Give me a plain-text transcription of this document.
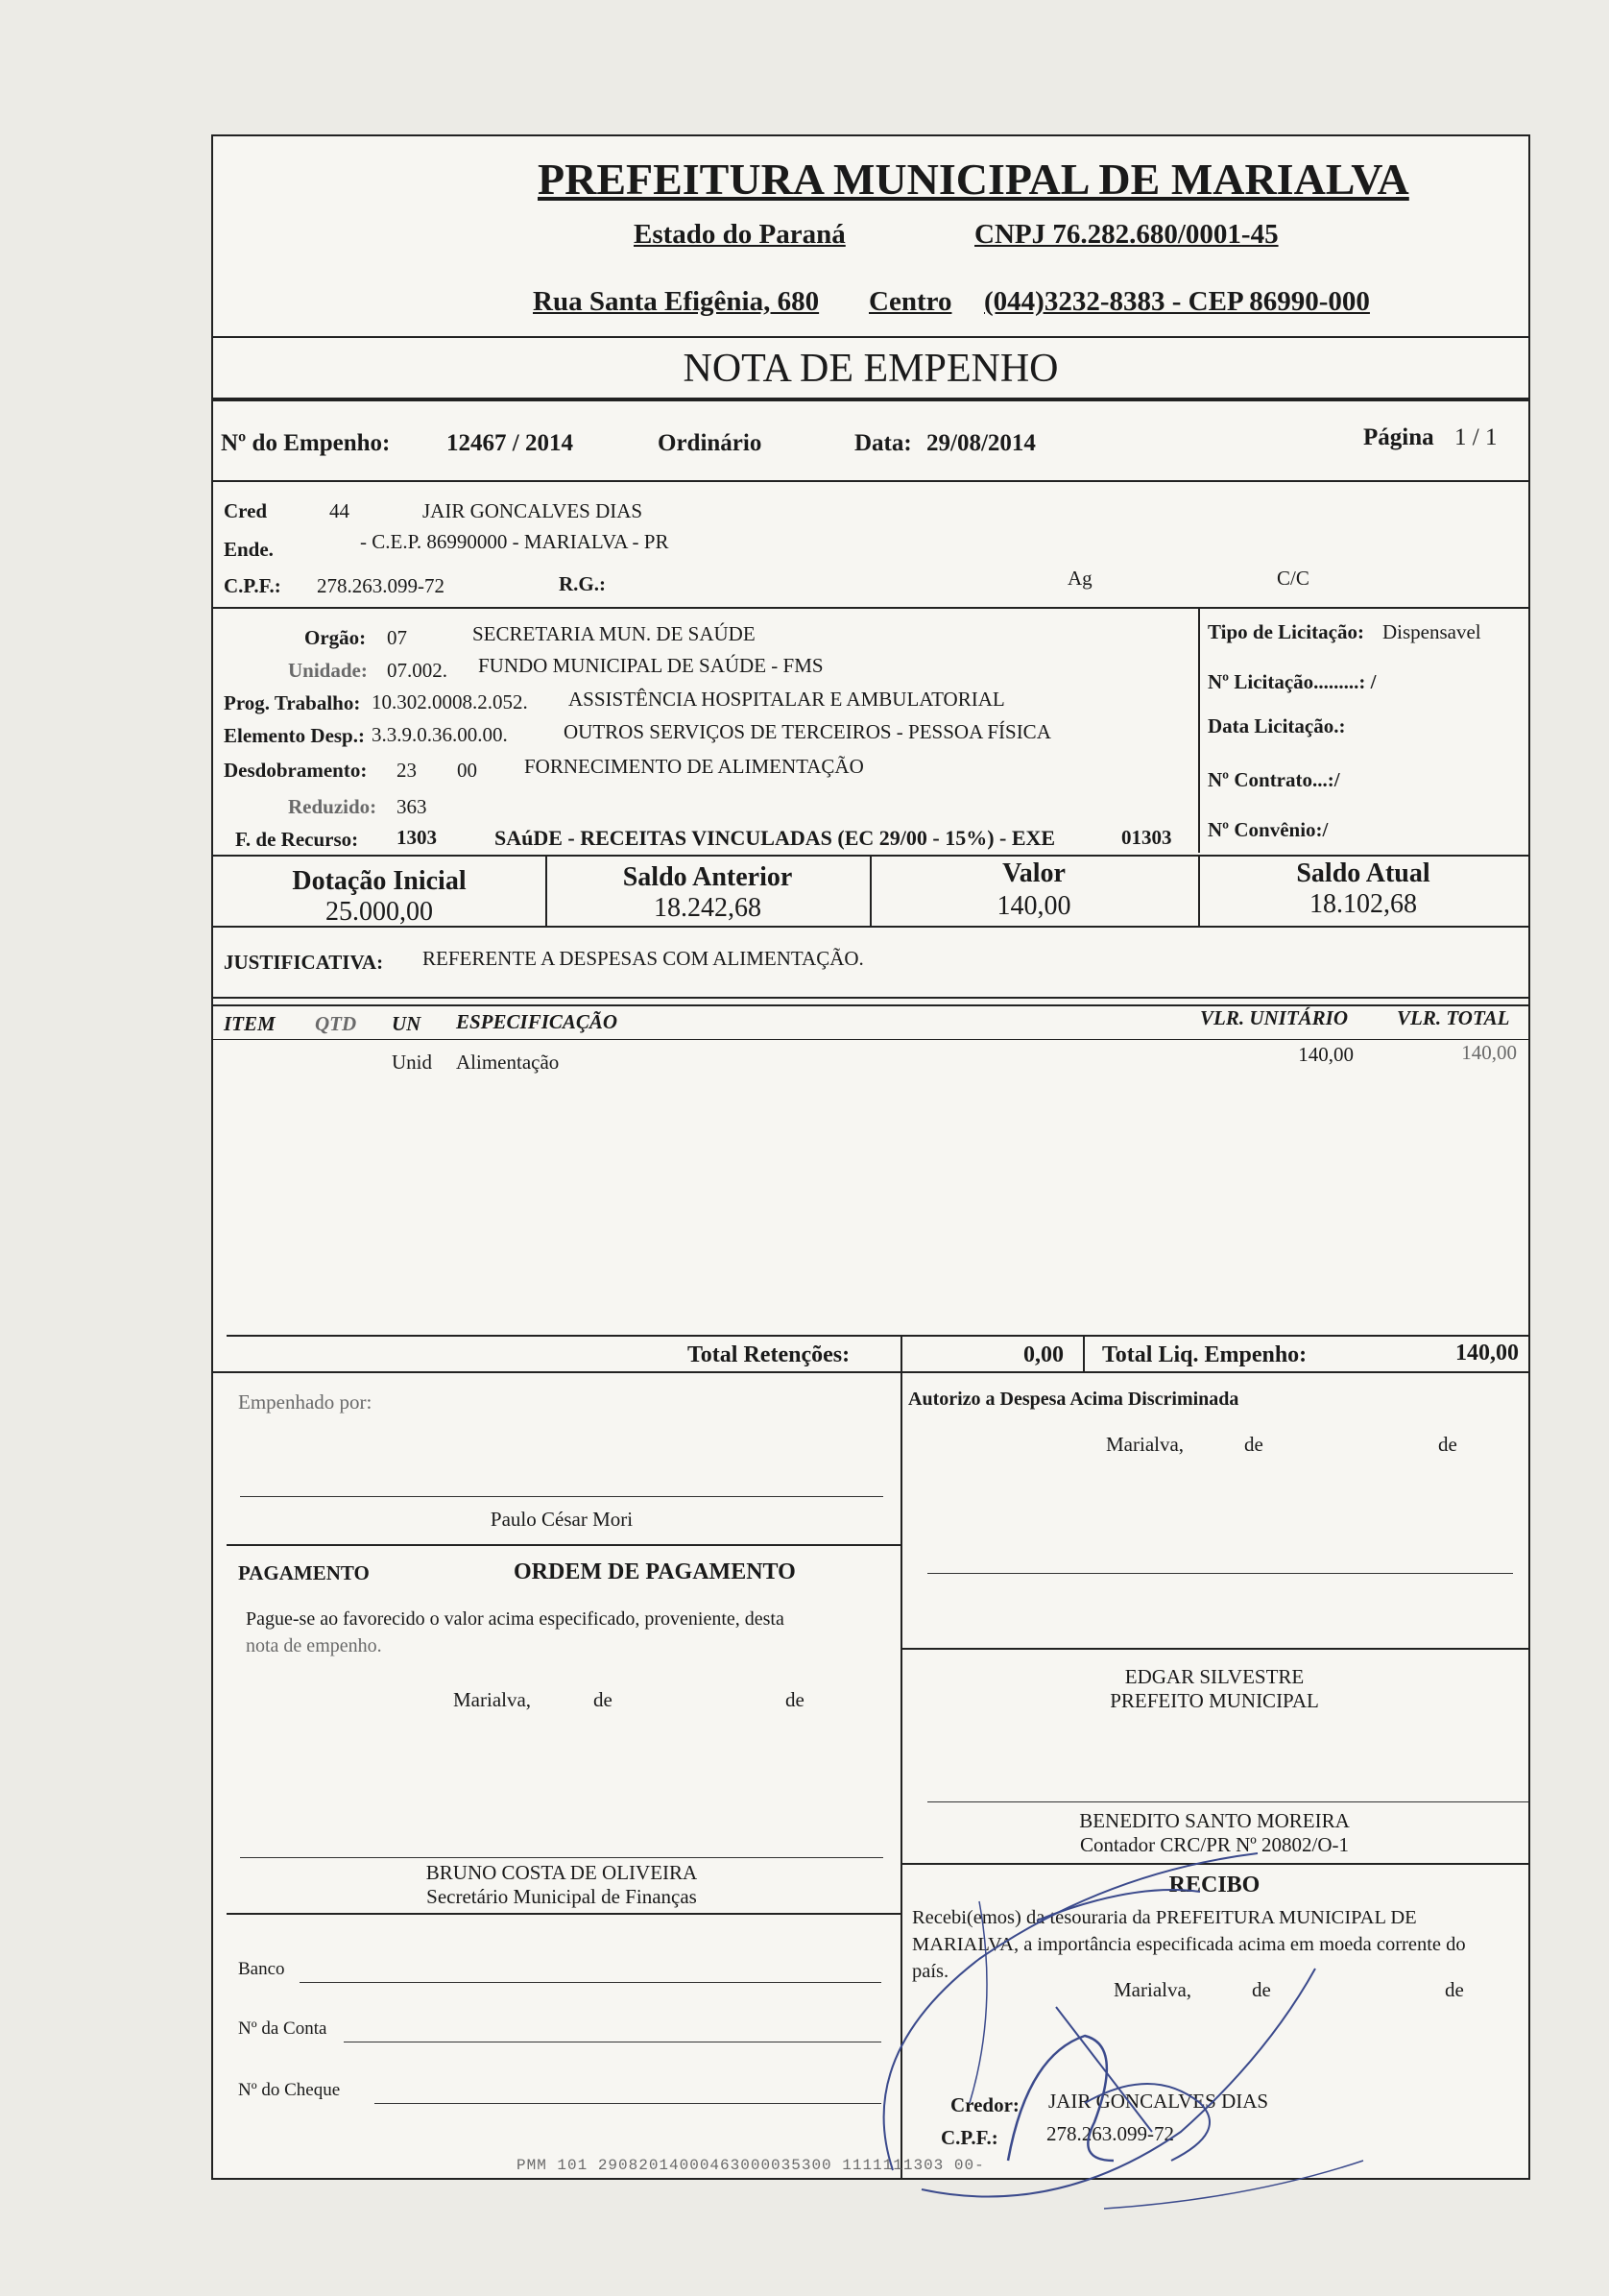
PREFEITURA MUNICIPAL DE MARIALVA
Estado do Paraná	CNPJ 76.282.680/0001-45
Rua Santa Efigênia, 680 Centro (044)3232-8383 - CEP 86990-000
NOTA DE EMPENHO
Nº do Empenho: 12467 / 2014	Ordinário	Data: 29/08/2014	Página 1 / 1
Cred	44	JAIR GONCALVES DIAS
Ende.	- C.E.P. 86990000 - MARIALVA - PR
C.P.F.: 278.263.099-72	R.G.:	Ag	C/C
Orgão: 07	SECRETARIA MUN. DE SAÚDE
Unidade: 07.002. FUNDO MUNICIPAL DE SAÚDE - FMS
Prog. Trabalho: 10.302.0008.2.052. ASSISTÊNCIA HOSPITALAR E AMBULATORIAL
Elemento Desp.: 3.3.9.0.36.00.00.	OUTROS SERVIÇOS DE TERCEIROS - PESSOA FÍSICA
Desdobramento: 23 00 FORNECIMENTO DE ALIMENTAÇÃO
Reduzido: 363
F. de Recurso: 1303	SAúDE - RECEITAS VINCULADAS (EC 29/00 - 15%) - EXE	01303
Tipo de Licitação: Dispensavel
Nº Licitação.........: /
Data Licitação.:
Nº Contrato...:/
Nº Convênio:/
Dotação Inicial
25.000,00
Saldo Anterior
18.242,68
Valor
140,00
Saldo Atual
18.102,68
JUSTIFICATIVA: REFERENTE A DESPESAS COM ALIMENTAÇÃO.
ITEM QTD UN ESPECIFICAÇÃO	VLR. UNITÁRIO VLR. TOTAL
Unid Alimentação	140,00	140,00
Total Retenções:	0,00 Total Liq. Empenho:	140,00
Empenhado por:
Paulo César Mori
PAGAMENTO	ORDEM DE PAGAMENTO
Pague-se ao favorecido o valor acima especificado, proveniente, desta
nota de empenho.
Marialva,	de	de
BRUNO COSTA DE OLIVEIRA
Secretário Municipal de Finanças
Banco
Nº da Conta
Nº do Cheque
Autorizo a Despesa Acima Discriminada
Marialva,	de	de
EDGAR SILVESTRE
PREFEITO MUNICIPAL
BENEDITO SANTO MOREIRA
Contador CRC/PR Nº 20802/O-1
RECIBO
Recebi(emos) da tesouraria da PREFEITURA MUNICIPAL DE
MARIALVA, a importância especificada acima em moeda corrente do
país.
Marialva,	de	de
Credor: JAIR GONCALVES DIAS
C.P.F.: 278.263.099-72
PMM 101 29082014000463000035300 1111111303 00-
